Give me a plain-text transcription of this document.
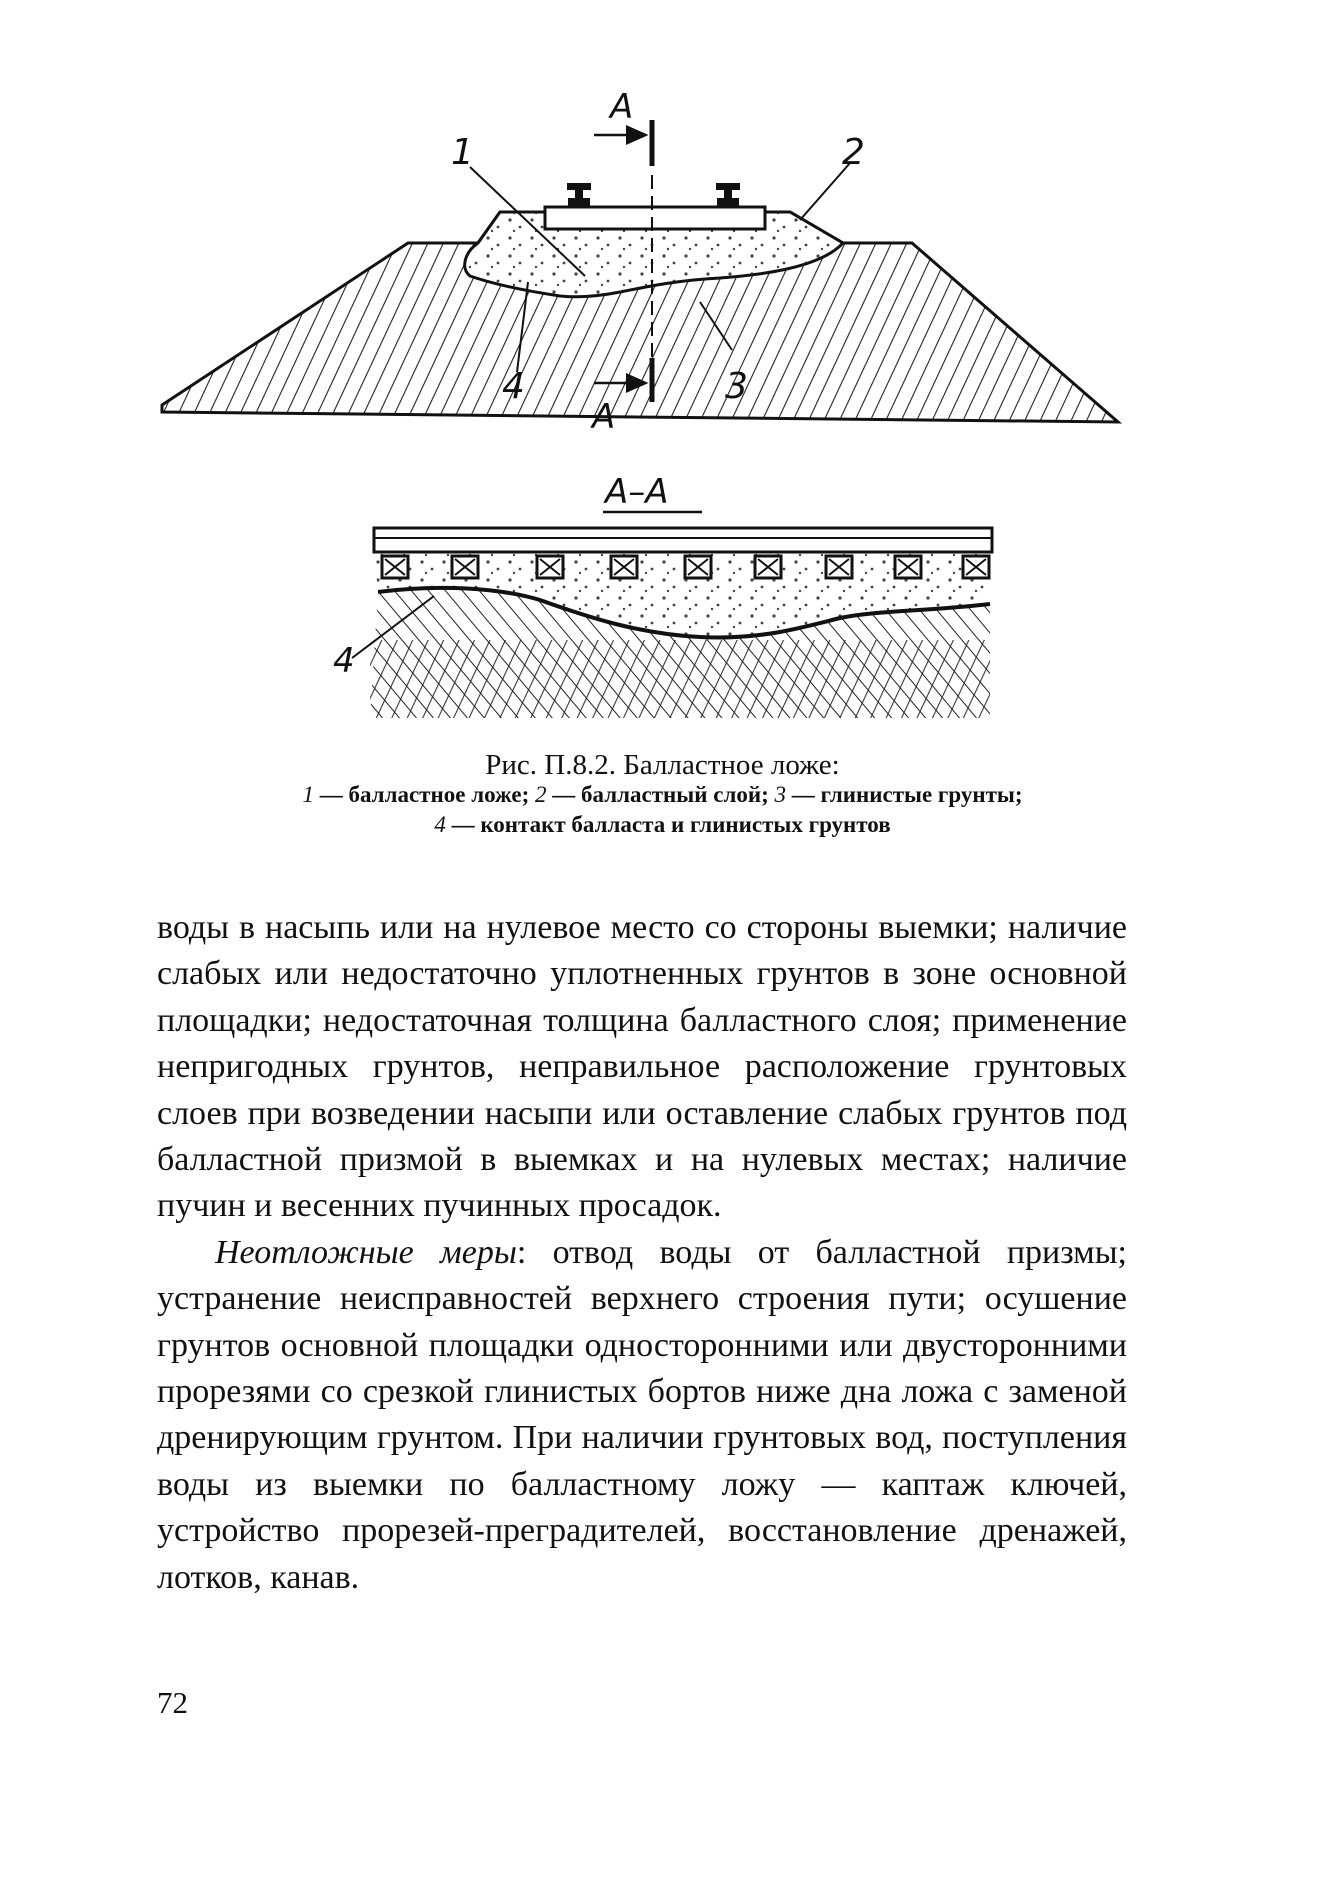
1	2
3
4
A
A
A–A
4
Рис. П.8.2. Балластное ложе:
1 — балластное ложе; 2 — балластный слой; 3 — глинистые грунты;
4 — контакт балласта и глинистых грунтов

воды в насыпь или на нулевое место со стороны выемки; наличие слабых или недостаточно уплотненных грунтов в зоне основной площадки; недостаточная толщина балластного слоя; применение непригодных грунтов, неправильное расположение грунтовых слоев при возведении насыпи или оставление слабых грунтов под балластной призмой в выемках и на нулевых местах; наличие пучин и весенних пучинных просадок.

Неотложные меры: отвод воды от балластной призмы; устранение неисправностей верхнего строения пути; осушение грунтов основной площадки односторонними или двусторонними прорезями со срезкой глинистых бортов ниже дна ложа с заменой дренирующим грунтом. При наличии грунтовых вод, поступления воды из выемки по балластному ложу — каптаж ключей, устройство прорезей-преградителей, восстановление дренажей, лотков, канав.

72
